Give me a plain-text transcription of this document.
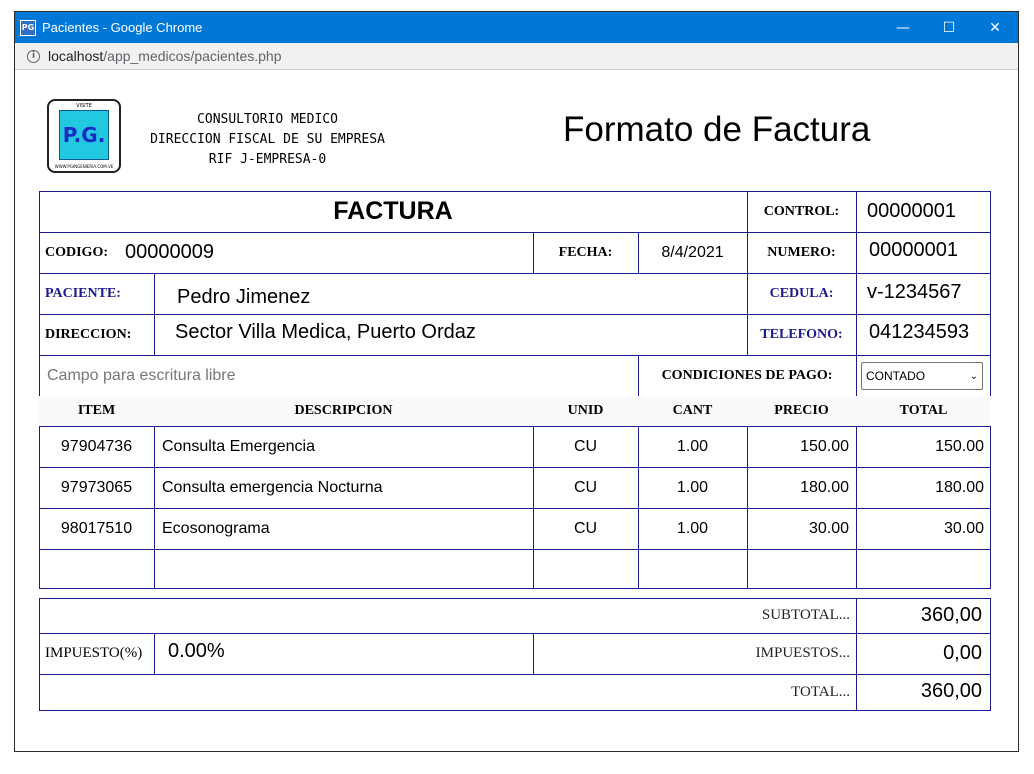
PG Pacientes - Google Chrome	—	☐	✕
i localhost/app_medicos/pacientes.php
VISITE
P.G.
WWW.PGINGENIERIA.COM.VE
CONSULTORIO MEDICO
DIRECCION FISCAL DE SU EMPRESA
RIF J-EMPRESA-0
Formato de Factura
FACTURA	CONTROL:	00000001
CODIGO: 00000009	FECHA:	8/4/2021	NUMERO:	00000001
PACIENTE:	Pedro Jimenez	CEDULA:	v-1234567
DIRECCION: Sector Villa Medica, Puerto Ordaz	TELEFONO:	041234593
Campo para escritura libre	CONDICIONES DE PAGO:	CONTADO	⌄
ITEM	DESCRIPCION	UNID	CANT	PRECIO	TOTAL
97904736	Consulta Emergencia	CU	1.00	150.00	150.00
97973065	Consulta emergencia Nocturna	CU	1.00	180.00	180.00
98017510	Ecosonograma	CU	1.00	30.00	30.00
SUBTOTAL...	360,00
IMPUESTO(%) 0.00%	IMPUESTOS...	0,00
TOTAL...	360,00
